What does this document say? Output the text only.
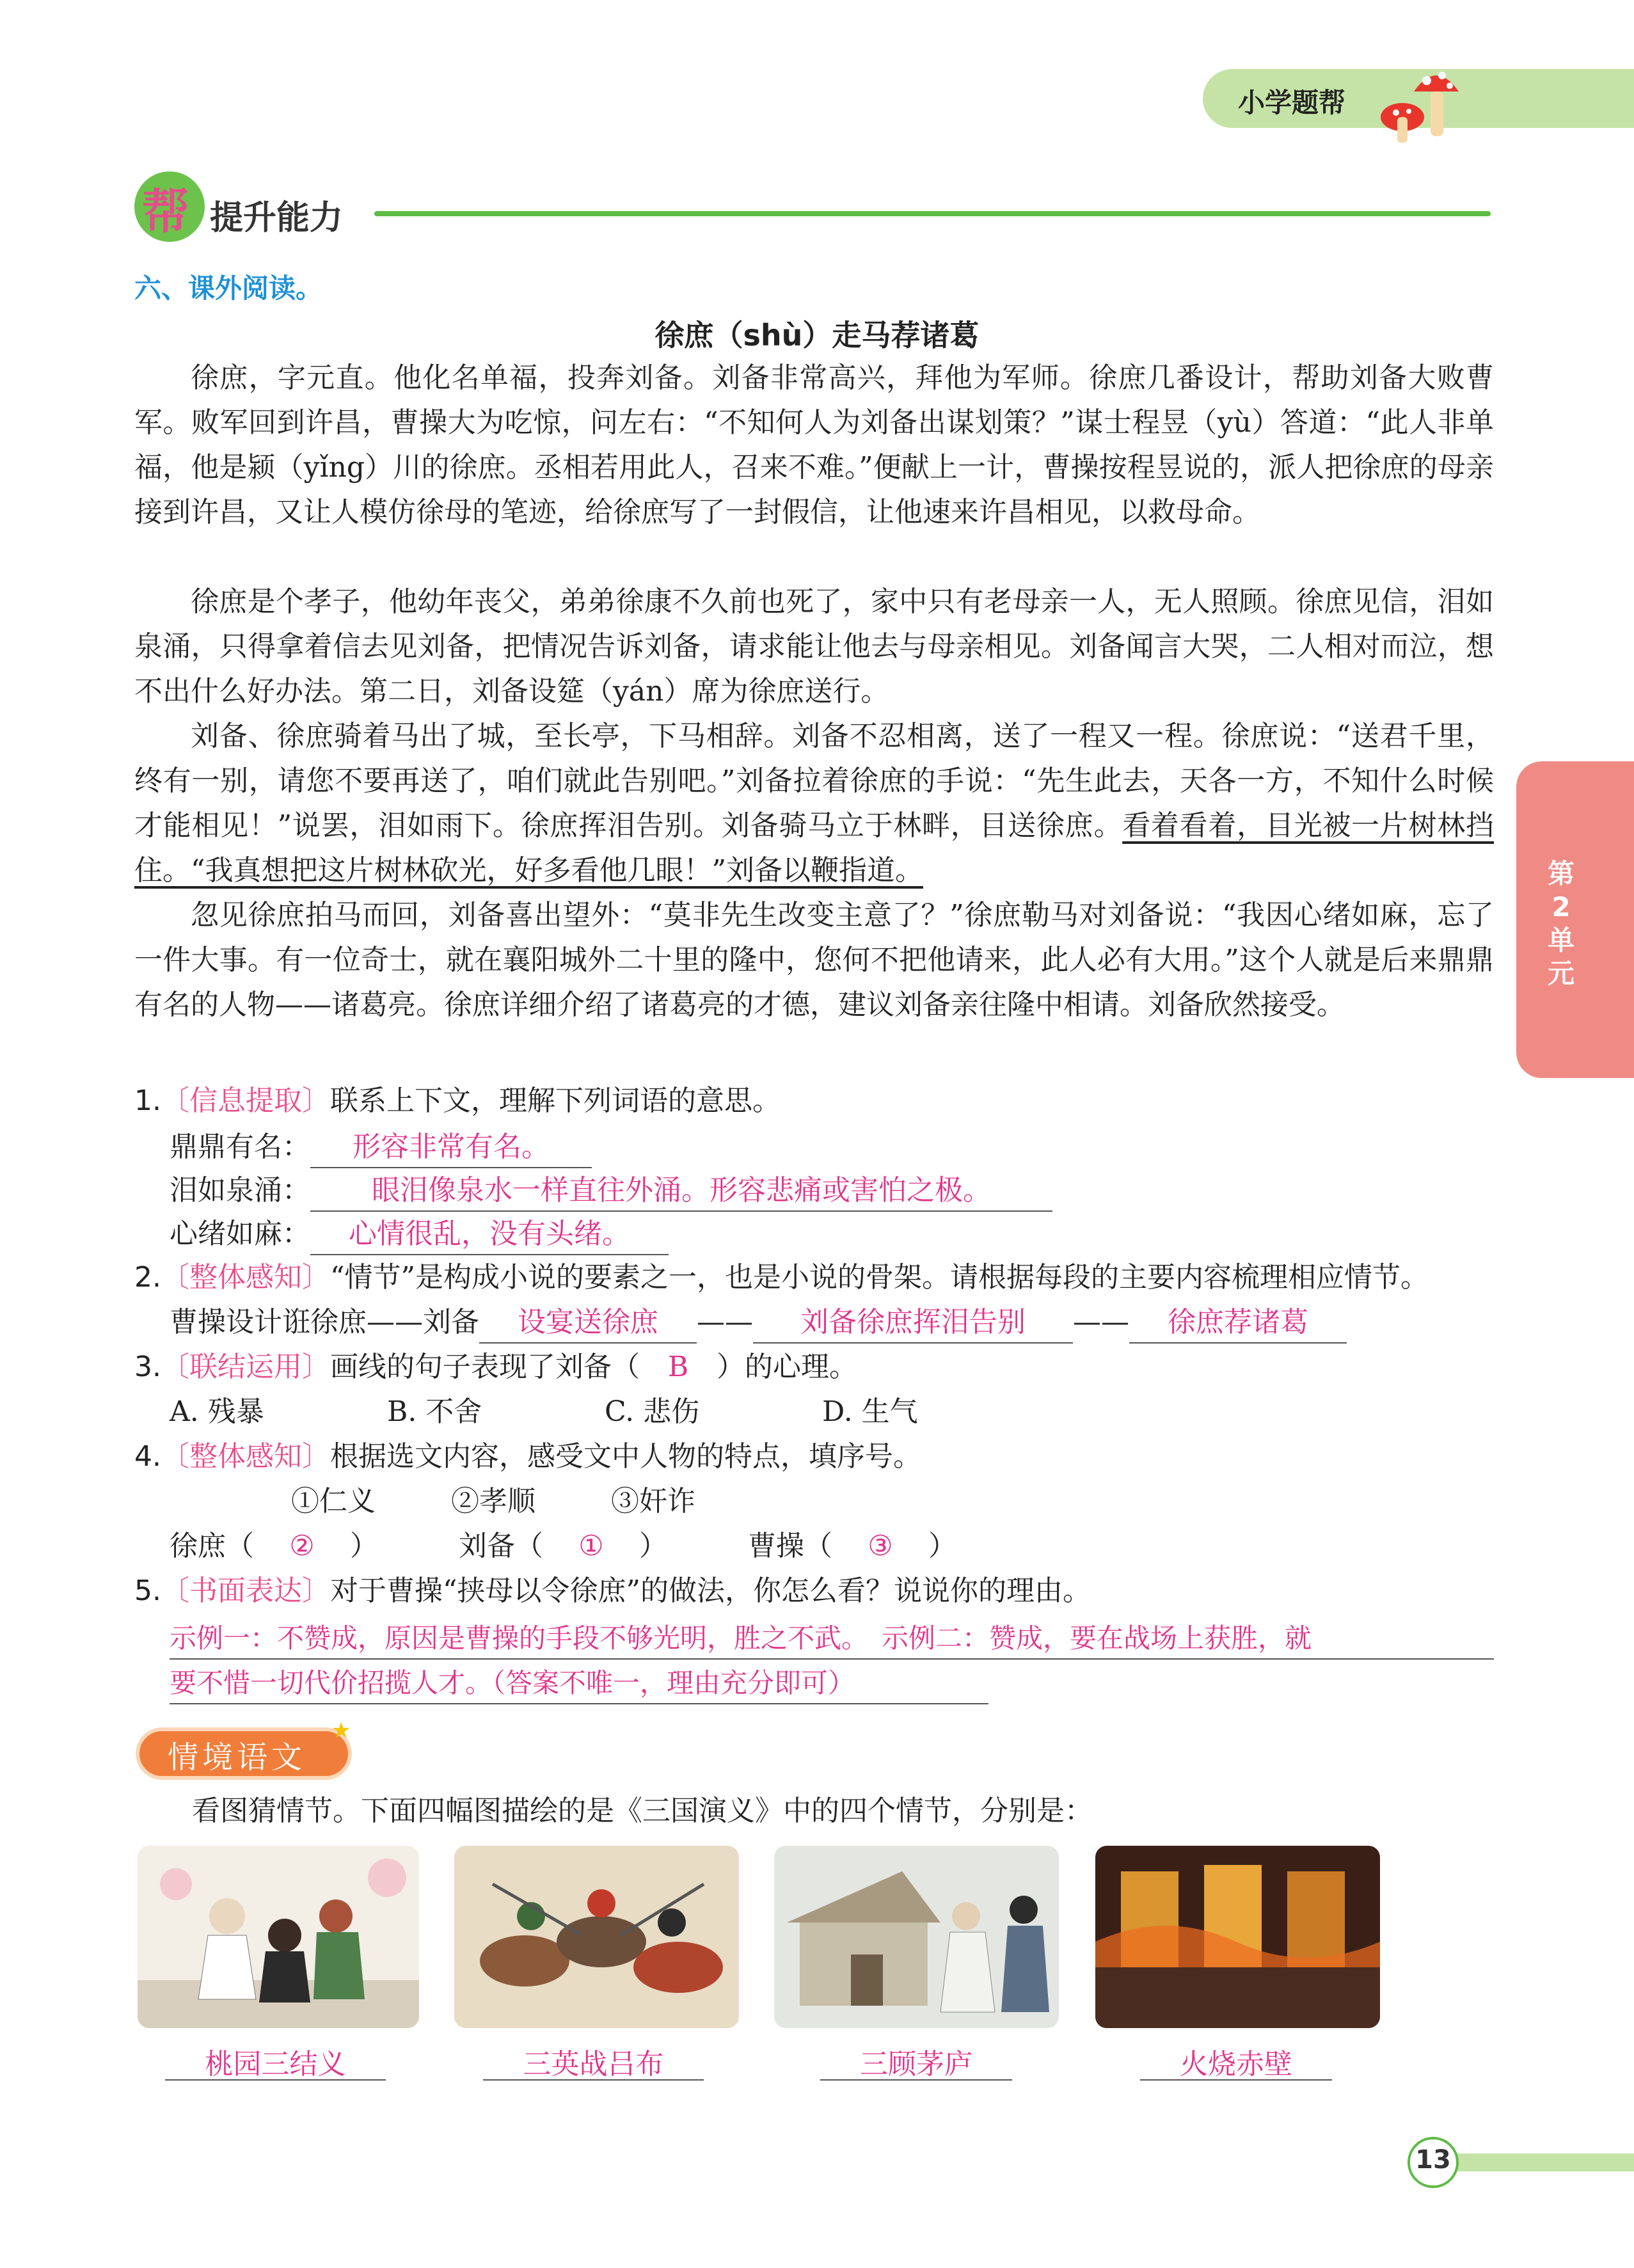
小学题帮
帮 提升能力
六、课外阅读。
徐庶（shù）走马荐诸葛
徐庶，字元直。他化名单福，投奔刘备。刘备非常高兴，拜他为军师。徐庶几番设计，帮助刘备大败曹军。败军回到许昌，曹操大为吃惊，问左右：“不知何人为刘备出谋划策？”谋士程昱（yù）答道：“此人非单福，他是颍（yǐng）川的徐庶。丞相若用此人，召来不难。”便献上一计，曹操按程昱说的，派人把徐庶的母亲接到许昌，又让人模仿徐母的笔迹，给徐庶写了一封假信，让他速来许昌相见，以救母命。
徐庶是个孝子，他幼年丧父，弟弟徐康不久前也死了，家中只有老母亲一人，无人照顾。徐庶见信，泪如泉涌，只得拿着信去见刘备，把情况告诉刘备，请求能让他去与母亲相见。刘备闻言大哭，二人相对而泣，想不出什么好办法。第二日，刘备设筵（yán）席为徐庶送行。
刘备、徐庶骑着马出了城，至长亭，下马相辞。刘备不忍相离，送了一程又一程。徐庶说：“送君千里，终有一别，请您不要再送了，咱们就此告别吧。”刘备拉着徐庶的手说：“先生此去，天各一方，不知什么时候才能相见！”说罢，泪如雨下。徐庶挥泪告别。刘备骑马立于林畔，目送徐庶。看着看着，目光被一片树林挡住。“我真想把这片树林砍光，好多看他几眼！”刘备以鞭指道。
忽见徐庶拍马而回，刘备喜出望外：“莫非先生改变主意了？”徐庶勒马对刘备说：“我因心绪如麻，忘了一件大事。有一位奇士，就在襄阳城外二十里的隆中，您何不把他请来，此人必有大用。”这个人就是后来鼎鼎有名的人物——诸葛亮。徐庶详细介绍了诸葛亮的才德，建议刘备亲往隆中相请。刘备欣然接受。
第2单元
1.〔信息提取〕联系上下文，理解下列词语的意思。
鼎鼎有名： 形容非常有名。
泪如泉涌： 眼泪像泉水一样直往外涌。形容悲痛或害怕之极。
心绪如麻： 心情很乱，没有头绪。
2.〔整体感知〕“情节”是构成小说的要素之一，也是小说的骨架。请根据每段的主要内容梳理相应情节。
曹操设计诳徐庶——刘备 设宴送徐庶 —— 刘备徐庶挥泪告别 —— 徐庶荐诸葛
3.〔联结运用〕画线的句子表现了刘备（ B ）的心理。
A. 残暴	B. 不舍	C. 悲伤	D. 生气
4.〔整体感知〕根据选文内容，感受文中人物的特点，填序号。
①仁义	②孝顺	③奸诈
徐庶（ ② ）	刘备（ ① ）	曹操（ ③ ）
5.〔书面表达〕对于曹操“挟母以令徐庶”的做法，你怎么看？说说你的理由。
示例一：不赞成，原因是曹操的手段不够光明，胜之不武。　示例二：赞成，要在战场上获胜，就
要不惜一切代价招揽人才。（答案不唯一，理由充分即可）
情境语文
★
看图猜情节。下面四幅图描绘的是《三国演义》中的四个情节，分别是：
桃园三结义	三英战吕布	三顾茅庐	火烧赤壁
13
